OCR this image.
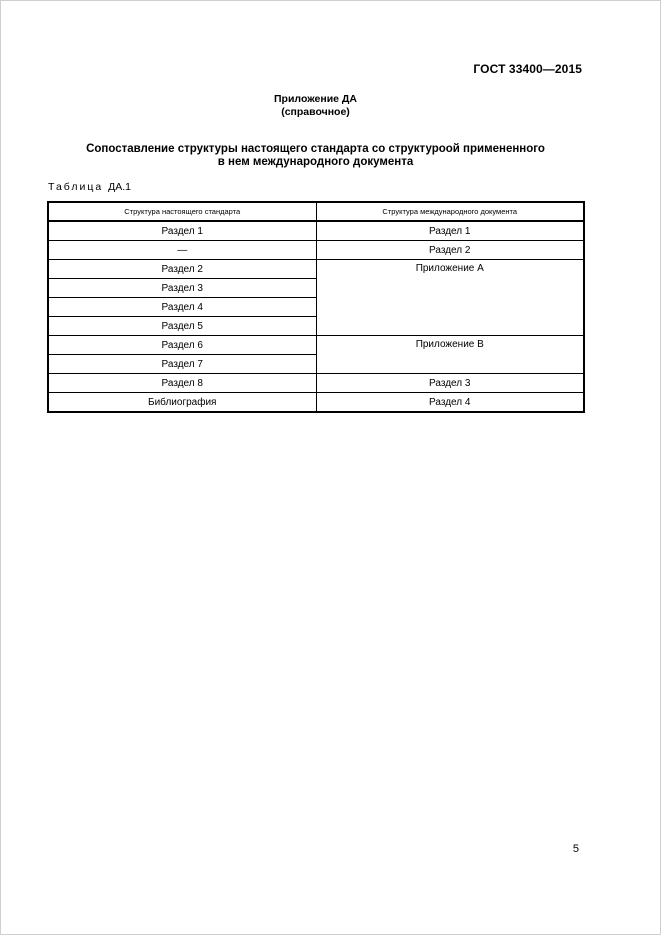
ГОСТ 33400—2015
Приложение ДА
(справочное)
Сопоставление структуры настоящего стандарта со структуроой примененного
в нем международного документа
Таблица ДА.1
Структура настоящего стандарта	Структура международного документа
Раздел 1	Раздел 1
—	Раздел 2
Раздел 2	Приложение А
Раздел 3	
Раздел 4	
Раздел 5	
Раздел 6	Приложение В
Раздел 7	
Раздел 8	Раздел 3
Библиография	Раздел 4
5
